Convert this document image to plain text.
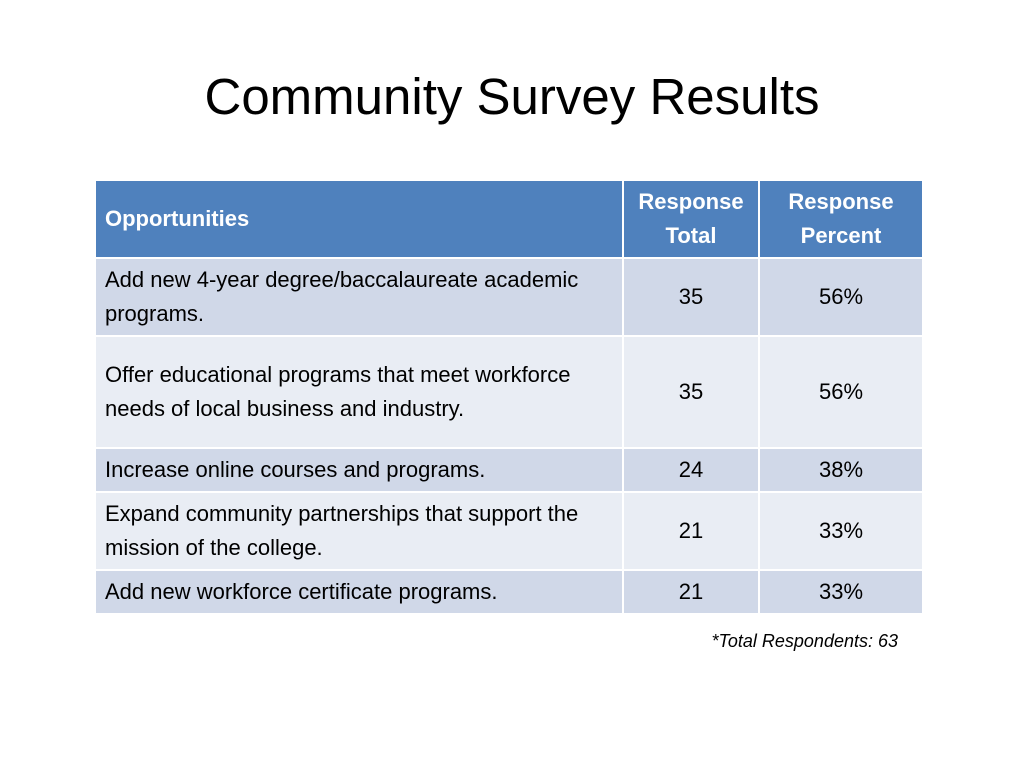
Community Survey Results
Opportunities	Response Total	Response Percent
Add new 4-year degree/baccalaureate academic programs.	35	56%
Offer educational programs that meet workforce needs of local business and industry.	35	56%
Increase online courses and programs.	24	38%
Expand community partnerships that support the mission of the college.	21	33%
Add new workforce certificate programs.	21	33%
*Total Respondents: 63
